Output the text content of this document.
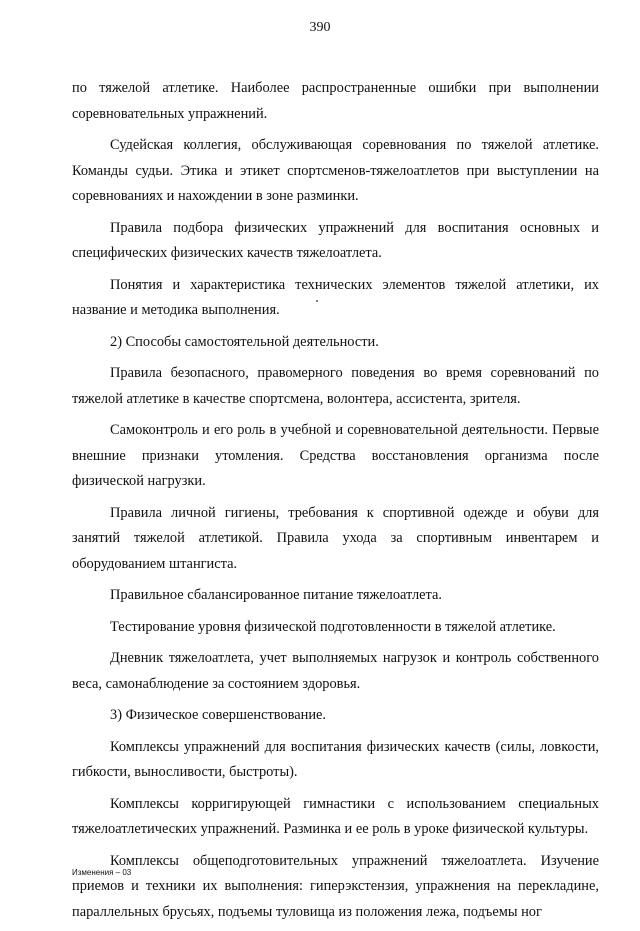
390

по тяжелой атлетике. Наиболее распространенные ошибки при выполнении соревновательных упражнений.

Судейская коллегия, обслуживающая соревнования по тяжелой атлетике. Команды судьи. Этика и этикет спортсменов-тяжелоатлетов при выступлении на соревнованиях и нахождении в зоне разминки.

Правила подбора физических упражнений для воспитания основных и специфических физических качеств тяжелоатлета.

Понятия и характеристика технических элементов тяжелой атлетики, их название и методика выполнения.

2) Способы самостоятельной деятельности.

Правила безопасного, правомерного поведения во время соревнований по тяжелой атлетике в качестве спортсмена, волонтера, ассистента, зрителя.

Самоконтроль и его роль в учебной и соревновательной деятельности. Первые внешние признаки утомления. Средства восстановления организма после физической нагрузки.

Правила личной гигиены, требования к спортивной одежде и обуви для занятий тяжелой атлетикой. Правила ухода за спортивным инвентарем и оборудованием штангиста.

Правильное сбалансированное питание тяжелоатлета.

Тестирование уровня физической подготовленности в тяжелой атлетике.

Дневник тяжелоатлета, учет выполняемых нагрузок и контроль собственного веса, самонаблюдение за состоянием здоровья.

3) Физическое совершенствование.

Комплексы упражнений для воспитания физических качеств (силы, ловкости, гибкости, выносливости, быстроты).

Комплексы корригирующей гимнастики с использованием специальных тяжелоатлетических упражнений. Разминка и ее роль в уроке физической культуры.

Комплексы общеподготовительных упражнений тяжелоатлета. Изучение приемов и техники их выполнения: гиперэкстензия, упражнения на перекладине, параллельных брусьях, подъемы туловища из положения лежа, подъемы ног

Изменения – 03
